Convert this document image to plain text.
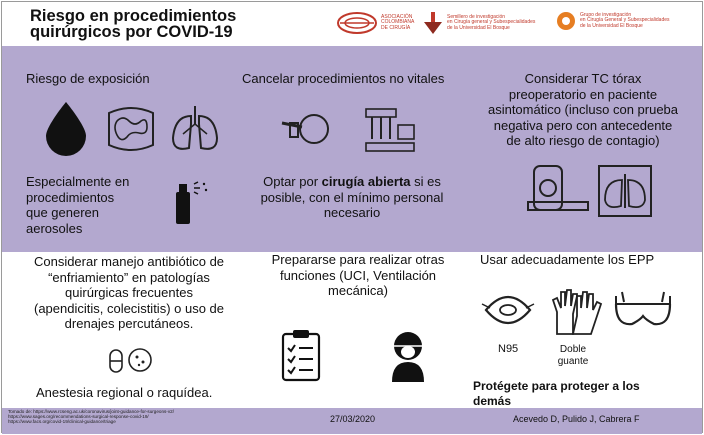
Riesgo en procedimientos
quirúrgicos por COVID-19
ASOCIACIÓN COLOMBIANA DE CIRUGÍA
Semillero de investigación
en Cirugía general y Subespecialidades
de la Universidad El Bosque
Grupo de investigación
en Cirugía General y Subespecialidades
de la Universidad El Bosque
Riesgo de exposición
Especialmente en
procedimientos
que generen
aerosoles
Cancelar procedimientos no vitales
Optar por cirugía abierta si es
posible, con el mínimo personal
necesario
Considerar TC tórax
preoperatorio en paciente
asintomático (incluso con prueba
negativa pero con antecedente
de alto riesgo de contagio)
Considerar manejo antibiótico de
“enfriamiento” en patologías
quirúrgicas frecuentes
(apendicitis, colecistitis) o uso de
drenajes percutáneos.
Anestesia regional o raquídea.
Prepararse para realizar otras
funciones (UCI, Ventilación
mecánica)
Usar adecuadamente los EPP
N95	Doble
guante
Protégete para proteger a los
demás
Tomado de: https://www.rcseng.ac.uk/coronavirus/joint-guidance-for-surgeons-v2/
https://www.sages.org/recommendations-surgical-response-covid-19/
https://www.facs.org/covid-19/clinical-guidance/triage	27/03/2020	Acevedo D, Pulido J, Cabrera F
